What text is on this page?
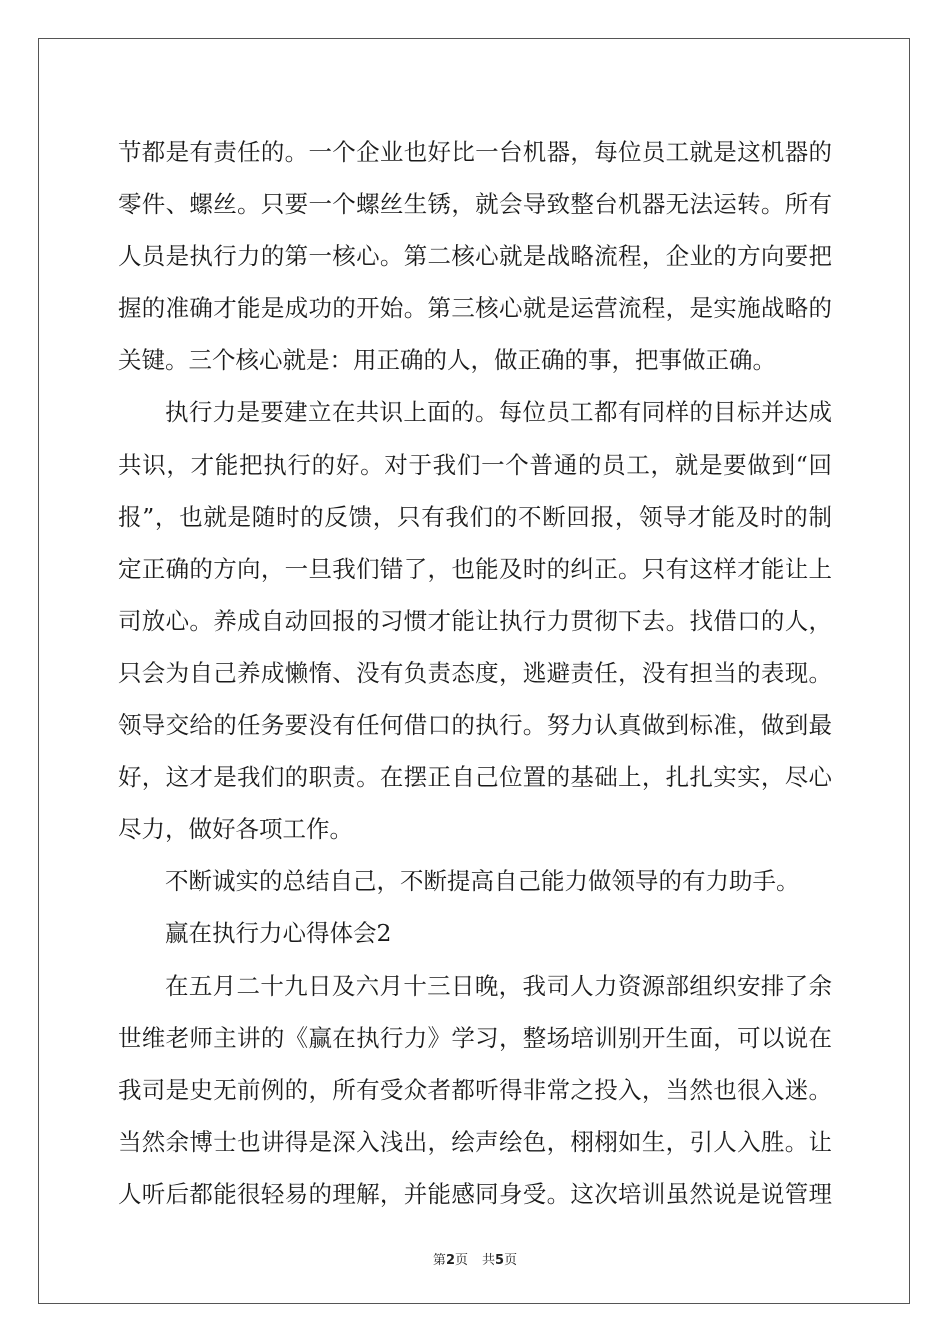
节都是有责任的。一个企业也好比一台机器，每位员工就是这机器的
零件、螺丝。只要一个螺丝生锈，就会导致整台机器无法运转。所有
人员是执行力的第一核心。第二核心就是战略流程，企业的方向要把
握的准确才能是成功的开始。第三核心就是运营流程，是实施战略的
关键。三个核心就是：用正确的人，做正确的事，把事做正确。
执行力是要建立在共识上面的。每位员工都有同样的目标并达成
共识，才能把执行的好。对于我们一个普通的员工，就是要做到“回
报”，也就是随时的反馈，只有我们的不断回报，领导才能及时的制
定正确的方向，一旦我们错了，也能及时的纠正。只有这样才能让上
司放心。养成自动回报的习惯才能让执行力贯彻下去。找借口的人，
只会为自己养成懒惰、没有负责态度，逃避责任，没有担当的表现。
领导交给的任务要没有任何借口的执行。努力认真做到标准，做到最
好，这才是我们的职责。在摆正自己位置的基础上，扎扎实实，尽心
尽力，做好各项工作。
不断诚实的总结自己，不断提高自己能力做领导的有力助手。
赢在执行力心得体会2
在五月二十九日及六月十三日晚，我司人力资源部组织安排了余
世维老师主讲的《赢在执行力》学习，整场培训别开生面，可以说在
我司是史无前例的，所有受众者都听得非常之投入，当然也很入迷。
当然余博士也讲得是深入浅出，绘声绘色，栩栩如生，引人入胜。让
人听后都能很轻易的理解，并能感同身受。这次培训虽然说是说管理
第2页 共5页
